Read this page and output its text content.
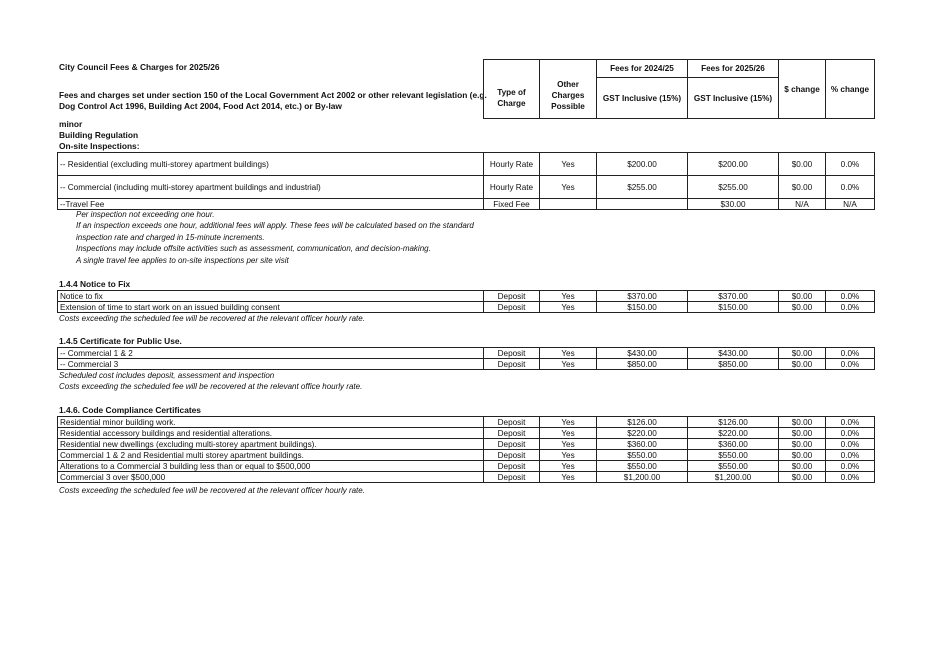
City Council Fees & Charges for 2025/26
Fees and charges set under section 150 of the Local Government Act 2002 or other relevant legislation (e.g.
Dog Control Act 1996, Building Act 2004, Food Act 2014, etc.) or By-law
Type of Charge	Other Charges Possible	Fees for 2024/25	Fees for 2025/26	$ change	% change
		GST Inclusive (15%)	GST Inclusive (15%)		
minor
Building Regulation
On-site Inspections:
-- Residential (excluding multi-storey apartment buildings)	Hourly Rate	Yes	$200.00	$200.00	$0.00	0.0%
-- Commercial (including multi-storey apartment buildings and industrial)	Hourly Rate	Yes	$255.00	$255.00	$0.00	0.0%
--Travel Fee	Fixed Fee			$30.00	N/A	N/A
Per inspection not exceeding one hour.
If an inspection exceeds one hour, additional fees will apply. These fees will be calculated based on the standard
inspection rate and charged in 15-minute increments.
Inspections may include offsite activities such as assessment, communication, and decision-making.
A single travel fee applies to on-site inspections per site visit
1.4.4 Notice to Fix
Notice to fix	Deposit	Yes	$370.00	$370.00	$0.00	0.0%
Extension of time to start work on an issued building consent	Deposit	Yes	$150.00	$150.00	$0.00	0.0%
Costs exceeding the scheduled fee will be recovered at the relevant officer hourly rate.
1.4.5 Certificate for Public Use.
-- Commercial 1 & 2	Deposit	Yes	$430.00	$430.00	$0.00	0.0%
-- Commercial 3	Deposit	Yes	$850.00	$850.00	$0.00	0.0%
Scheduled cost includes deposit, assessment and inspection
Costs exceeding the scheduled fee will be recovered at the relevant office hourly rate.
1.4.6. Code Compliance Certificates
Residential minor building work.	Deposit	Yes	$126.00	$126.00	$0.00	0.0%
Residential accessory buildings and residential alterations.	Deposit	Yes	$220.00	$220.00	$0.00	0.0%
Residential new dwellings (excluding multi-storey apartment buildings).	Deposit	Yes	$360.00	$360.00	$0.00	0.0%
Commercial 1 & 2 and Residential multi storey apartment buildings.	Deposit	Yes	$550.00	$550.00	$0.00	0.0%
Alterations to a Commercial 3 building less than or equal to $500,000	Deposit	Yes	$550.00	$550.00	$0.00	0.0%
Commercial 3 over $500,000	Deposit	Yes	$1,200.00	$1,200.00	$0.00	0.0%
Costs exceeding the scheduled fee will be recovered at the relevant officer hourly rate.
